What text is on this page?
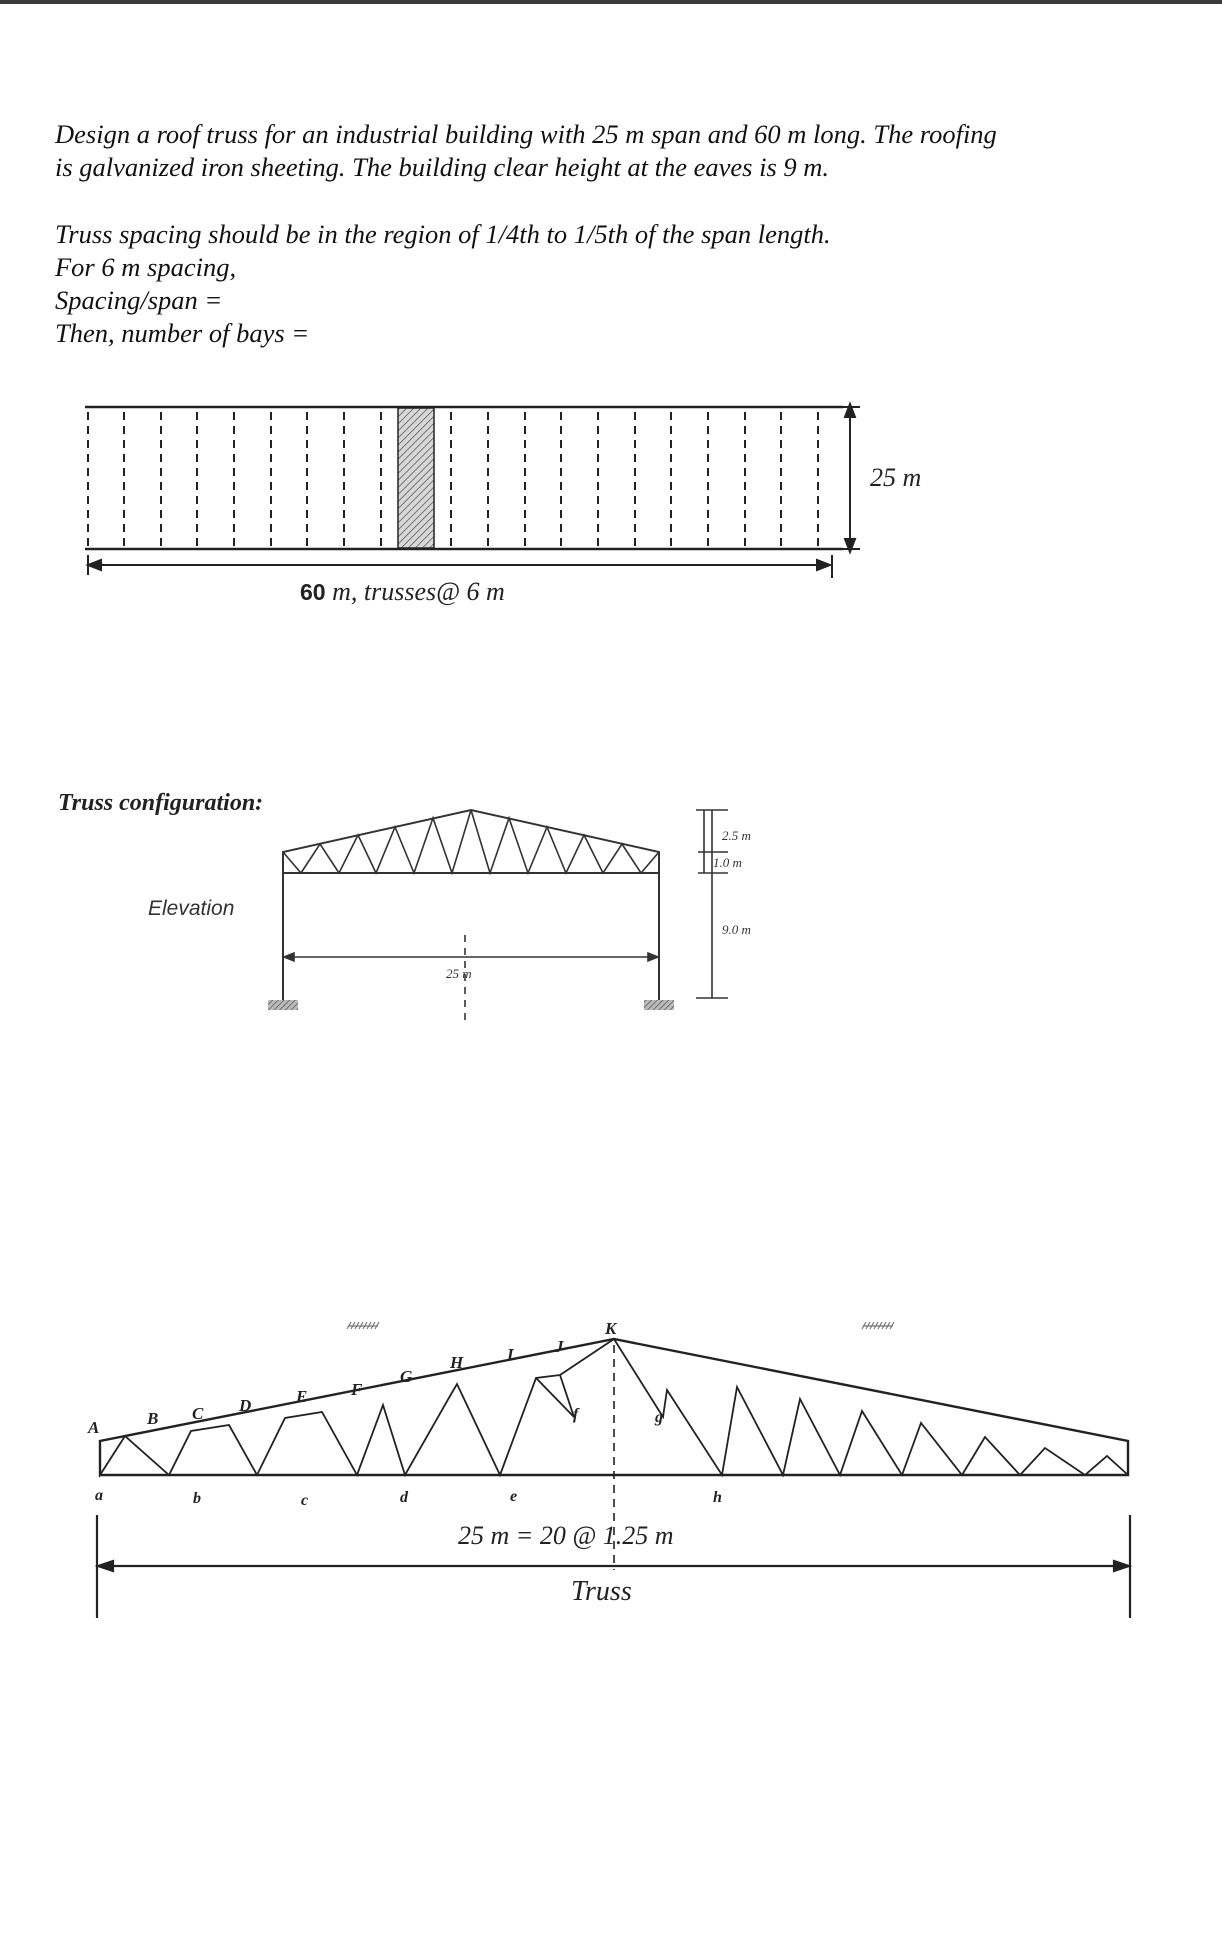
Design a roof truss for an industrial building with 25 m span and 60 m long. The roofing
is galvanized iron sheeting. The building clear height at the eaves is 9 m.
Truss spacing should be in the region of 1/4th to 1/5th of the span length.
For 6 m spacing,
Spacing/span =
Then, number of bays =
25 m
60 m, trusses@ 6 m
Truss configuration:
Elevation
25 m
2.5 m
1.0 m
9.0 m
A	B C D	E	F
G
H	I J
K
a	b	c	d	e	h
f	g
25 m = 20 @ 1.25 m
Truss
